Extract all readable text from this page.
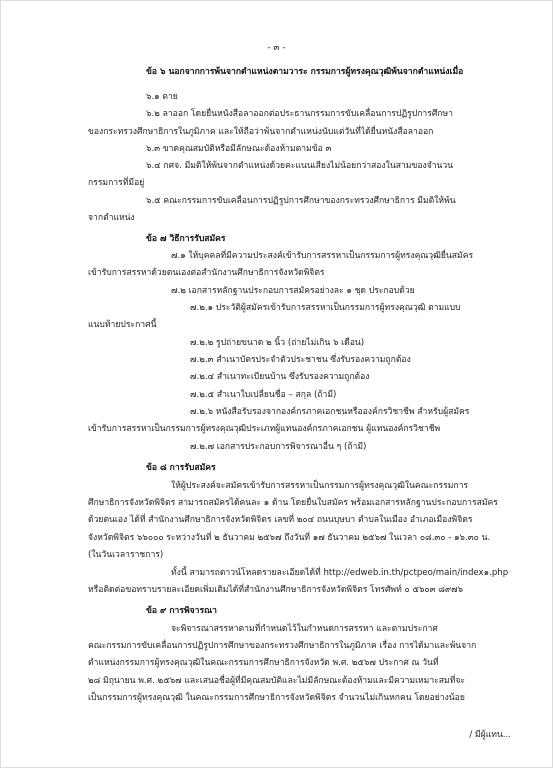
- ๓ -
ข้อ ๖ นอกจากการพ้นจากตำแหน่งตามวาระ กรรมการผู้ทรงคุณวุฒิพ้นจากตำแหน่งเมื่อ
๖.๑ ตาย
๖.๒ ลาออก โดยยื่นหนังสือลาออกต่อประธานกรรมการขับเคลื่อนการปฏิรูปการศึกษา
ของกระทรวงศึกษาธิการในภูมิภาค และให้ถือว่าพ้นจากตำแหน่งนับแต่วันที่ได้ยื่นหนังสือลาออก
๖.๓ ขาดคุณสมบัติหรือมีลักษณะต้องห้ามตามข้อ ๓
๖.๔ กศจ. มีมติให้พ้นจากตำแหน่งด้วยคะแนนเสียงไม่น้อยกว่าสองในสามของจำนวน
กรรมการที่มีอยู่
๖.๕ คณะกรรมการขับเคลื่อนการปฏิรูปการศึกษาของกระทรวงศึกษาธิการ มีมติให้พ้น
จากตำแหน่ง
ข้อ ๗ วิธีการรับสมัคร
๗.๑ ให้บุคคลที่มีความประสงค์เข้ารับการสรรหาเป็นกรรมการผู้ทรงคุณวุฒิยื่นสมัคร
เข้ารับการสรรหาด้วยตนเองต่อสำนักงานศึกษาธิการจังหวัดพิจิตร
๗.๒ เอกสารหลักฐานประกอบการสมัครอย่างละ ๑ ชุด ประกอบด้วย
๗.๒.๑ ประวัติผู้สมัครเข้ารับการสรรหาเป็นกรรมการผู้ทรงคุณวุฒิ ตามแบบ
แนบท้ายประกาศนี้
๗.๒.๒ รูปถ่ายขนาด ๒ นิ้ว (ถ่ายไม่เกิน ๖ เดือน)
๗.๒.๓ สำเนาบัตรประจำตัวประชาชน ซึ่งรับรองความถูกต้อง
๗.๒.๔ สำเนาทะเบียนบ้าน ซึ่งรับรองความถูกต้อง
๗.๒.๕ สำเนาใบเปลี่ยนชื่อ – สกุล (ถ้ามี)
๗.๒.๖ หนังสือรับรองจากองค์กรภาคเอกชนหรือองค์กรวิชาชีพ สำหรับผู้สมัคร
เข้ารับการสรรหาเป็นกรรมการผู้ทรงคุณวุฒิประเภทผู้แทนองค์กรภาคเอกชน ผู้แทนองค์กรวิชาชีพ
๗.๒.๗ เอกสารประกอบการพิจารณาอื่น ๆ (ถ้ามี)
ข้อ ๘ การรับสมัคร
ให้ผู้ประสงค์จะสมัครเข้ารับการสรรหาเป็นกรรมการผู้ทรงคุณวุฒิในคณะกรรมการ
ศึกษาธิการจังหวัดพิจิตร สามารถสมัครได้คนละ ๑ ด้าน โดยยื่นใบสมัคร พร้อมเอกสารหลักฐานประกอบการสมัคร
ด้วยตนเอง ได้ที่ สำนักงานศึกษาธิการจังหวัดพิจิตร เลขที่ ๒๐๔ ถนนบุษบา ตำบลในเมือง อำเภอเมืองพิจิตร
จังหวัดพิจิตร ๖๖๐๐๐ ระหว่างวันที่ ๒ ธันวาคม ๒๕๖๗ ถึงวันที่ ๑๗ ธันวาคม ๒๕๖๗ ในเวลา ๐๘.๓๐ - ๑๖.๓๐ น.
(ในวันเวลาราชการ)
ทั้งนี้ สามารถดาวน์โหลดรายละเอียดได้ที่ http://edweb.in.th/pctpeo/main/index๑.php
หรือติดต่อขอทราบรายละเอียดเพิ่มเติมได้ที่สำนักงานศึกษาธิการจังหวัดพิจิตร โทรศัพท์ ๐ ๕๖๐๓ ๘๙๗๖
ข้อ ๙ การพิจารณา
จะพิจารณาสรรหาตามที่กำหนดไว้ในกำหนดการสรรหา และตามประกาศ
คณะกรรมการขับเคลื่อนการปฏิรูปการศึกษาของกระทรวงศึกษาธิการในภูมิภาค เรื่อง การได้มาและพ้นจาก
ตำแหน่งกรรมการผู้ทรงคุณวุฒิในคณะกรรมการศึกษาธิการจังหวัด พ.ศ. ๒๕๖๗ ประกาศ ณ วันที่
๒๘ มิถุนายน พ.ศ. ๒๕๖๗ และเสนอชื่อผู้ที่มีคุณสมบัติและไม่มีลักษณะต้องห้ามและมีความเหมาะสมที่จะ
เป็นกรรมการผู้ทรงคุณวุฒิ ในคณะกรรมการศึกษาธิการจังหวัดพิจิตร จำนวนไม่เกินหกคน โดยอย่างน้อย
/ มีผู้แทน...
